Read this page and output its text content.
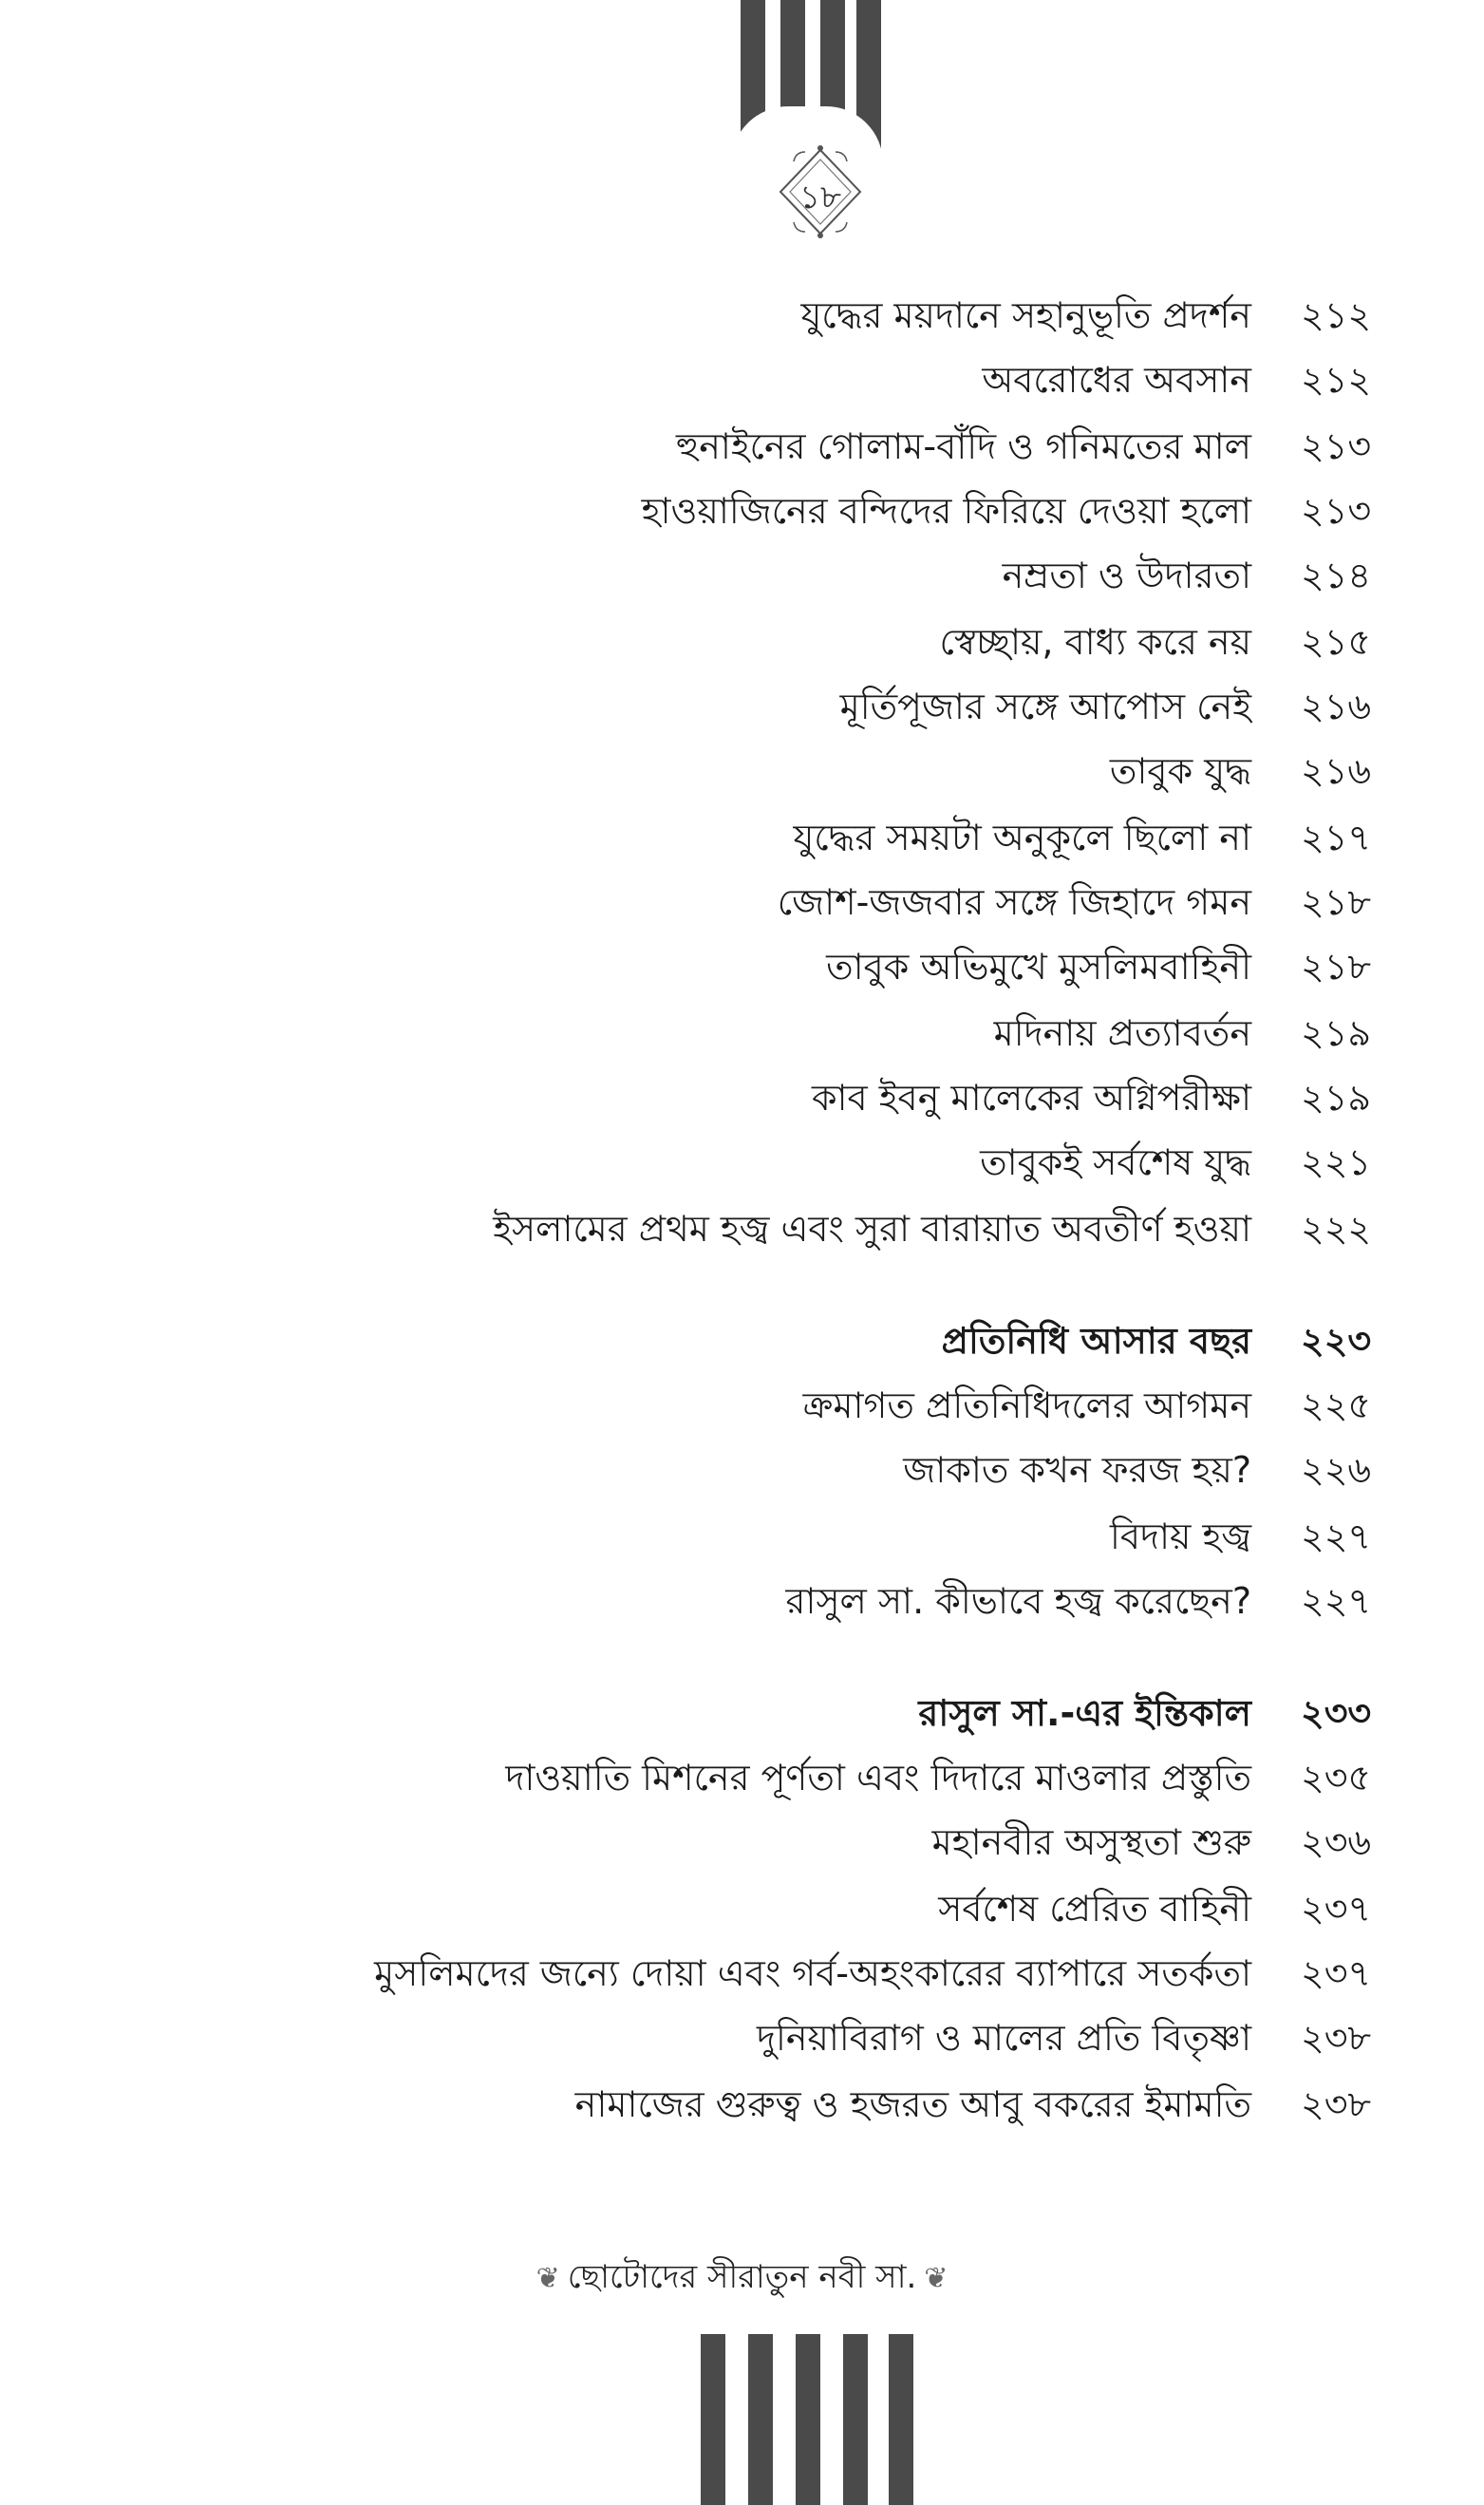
১৮
যুদ্ধের ময়দানে সহানুভূতি প্রদর্শন ২১২
অবরোধের অবসান ২১২
হুনাইনের গোলাম-বাঁদি ও গনিমতের মাল ২১৩
হাওয়াজিনের বন্দিদের ফিরিয়ে দেওয়া হলো ২১৩
নম্রতা ও উদারতা ২১৪
স্বেচ্ছায়, বাধ্য করে নয় ২১৫
মূর্তিপূজার সঙ্গে আপোস নেই ২১৬
তাবুক যুদ্ধ ২১৬
যুদ্ধের সময়টা অনুকূলে ছিলো না ২১৭
জোশ-জজবার সঙ্গে জিহাদে গমন ২১৮
তাবুক অভিমুখে মুসলিমবাহিনী ২১৮
মদিনায় প্রত্যাবর্তন ২১৯
কাব ইবনু মালেকের অগ্নিপরীক্ষা ২১৯
তাবুকই সর্বশেষ যুদ্ধ ২২১
ইসলামের প্রথম হজ্ব এবং সুরা বারায়াত অবতীর্ণ হওয়া ২২২
প্রতিনিধি আসার বছর ২২৩
ক্রমাগত প্রতিনিধিদলের আগমন ২২৫
জাকাত কখন ফরজ হয়? ২২৬
বিদায় হজ্ব ২২৭
রাসুল সা. কীভাবে হজ্ব করেছেন? ২২৭
রাসুল সা.-এর ইন্তিকাল ২৩৩
দাওয়াতি মিশনের পূর্ণতা এবং দিদারে মাওলার প্রস্তুতি ২৩৫
মহানবীর অসুস্থতা শুরু ২৩৬
সর্বশেষ প্রেরিত বাহিনী ২৩৭
মুসলিমদের জন্যে দোয়া এবং গর্ব-অহংকারের ব্যাপারে সতর্কতা ২৩৭
দুনিয়াবিরাগ ও মালের প্রতি বিতৃষ্ণা ২৩৮
নামাজের গুরুত্ব ও হজরত আবু বকরের ইমামতি ২৩৮
❦ ছোটোদের সীরাতুন নবী সা. ❦
